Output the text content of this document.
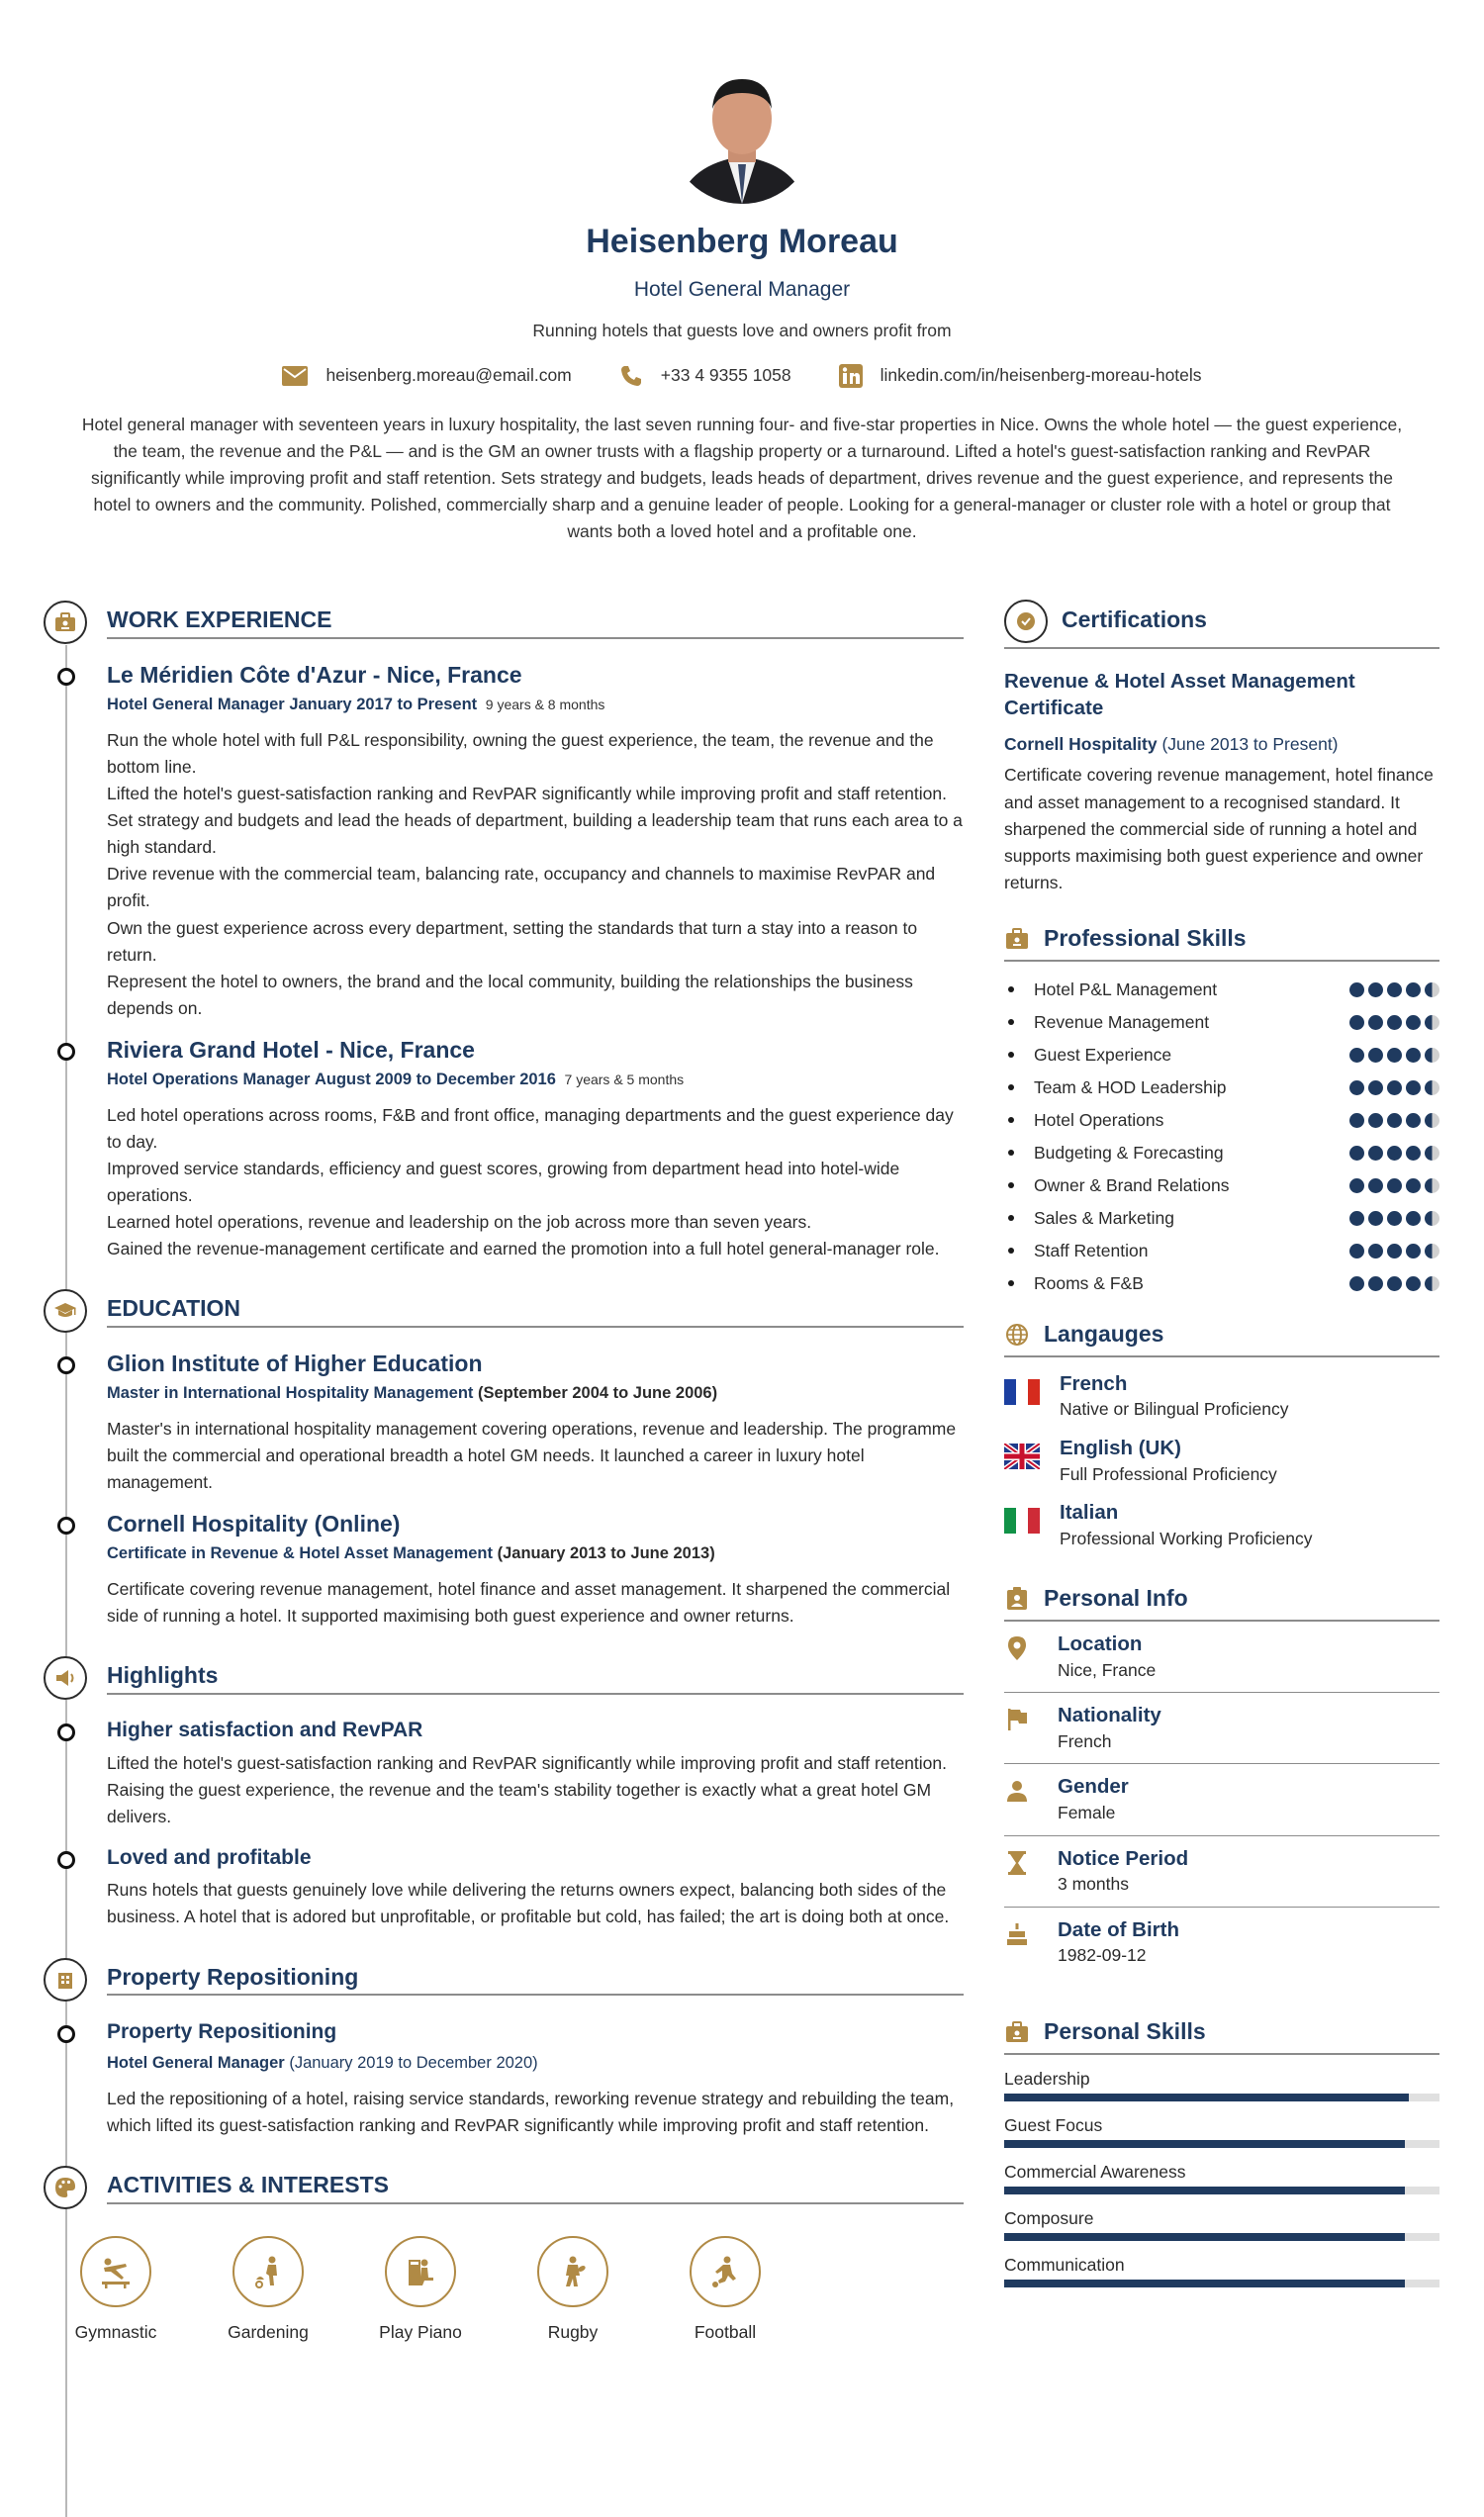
Heisenberg Moreau
Hotel General Manager
Running hotels that guests love and owners profit from
heisenberg.moreau@email.com	+33 4 9355 1058	linkedin.com/in/heisenberg-moreau-hotels
Hotel general manager with seventeen years in luxury hospitality, the last seven running four- and five-star properties in Nice. Owns the whole hotel — the guest experience, the team, the revenue and the P&L — and is the GM an owner trusts with a flagship property or a turnaround. Lifted a hotel's guest-satisfaction ranking and RevPAR significantly while improving profit and staff retention. Sets strategy and budgets, leads heads of department, drives revenue and the guest experience, and represents the hotel to owners and the community. Polished, commercially sharp and a genuine leader of people. Looking for a general-manager or cluster role with a hotel or group that wants both a loved hotel and a profitable one.
WORK EXPERIENCE
Le Méridien Côte d'Azur - Nice, France
Hotel General Manager January 2017 to Present 9 years & 8 months

Run the whole hotel with full P&L responsibility, owning the guest experience, the team, the revenue and the bottom line.

Lifted the hotel's guest-satisfaction ranking and RevPAR significantly while improving profit and staff retention.

Set strategy and budgets and lead the heads of department, building a leadership team that runs each area to a high standard.

Drive revenue with the commercial team, balancing rate, occupancy and channels to maximise RevPAR and profit.

Own the guest experience across every department, setting the standards that turn a stay into a reason to return.

Represent the hotel to owners, the brand and the local community, building the relationships the business depends on.

Riviera Grand Hotel - Nice, France
Hotel Operations Manager August 2009 to December 2016 7 years & 5 months

Led hotel operations across rooms, F&B and front office, managing departments and the guest experience day to day.

Improved service standards, efficiency and guest scores, growing from department head into hotel-wide operations.

Learned hotel operations, revenue and leadership on the job across more than seven years.

Gained the revenue-management certificate and earned the promotion into a full hotel general-manager role.

EDUCATION
Glion Institute of Higher Education
Master in International Hospitality Management (September 2004 to June 2006)
Master's in international hospitality management covering operations, revenue and leadership. The programme built the commercial and operational breadth a hotel GM needs. It launched a career in luxury hotel management.
Cornell Hospitality (Online)
Certificate in Revenue & Hotel Asset Management (January 2013 to June 2013)
Certificate covering revenue management, hotel finance and asset management. It sharpened the commercial side of running a hotel. It supported maximising both guest experience and owner returns.
Highlights
Higher satisfaction and RevPAR
Lifted the hotel's guest-satisfaction ranking and RevPAR significantly while improving profit and staff retention. Raising the guest experience, the revenue and the team's stability together is exactly what a great hotel GM delivers.
Loved and profitable
Runs hotels that guests genuinely love while delivering the returns owners expect, balancing both sides of the business. A hotel that is adored but unprofitable, or profitable but cold, has failed; the art is doing both at once.
Property Repositioning
Property Repositioning
Hotel General Manager (January 2019 to December 2020)
Led the repositioning of a hotel, raising service standards, reworking revenue strategy and rebuilding the team, which lifted its guest-satisfaction ranking and RevPAR significantly while improving profit and staff retention.
ACTIVITIES & INTERESTS
Gymnastic	Gardening	Play Piano	Rugby	Football
Certifications
Revenue & Hotel Asset Management Certificate
Cornell Hospitality (June 2013 to Present)
Certificate covering revenue management, hotel finance and asset management to a recognised standard. It sharpened the commercial side of running a hotel and supports maximising both guest experience and owner returns.
Professional Skills
Hotel P&L Management
Revenue Management
Guest Experience
Team & HOD Leadership
Hotel Operations
Budgeting & Forecasting
Owner & Brand Relations
Sales & Marketing
Staff Retention
Rooms & F&B
Langauges
French
Native or Bilingual Proficiency
English (UK)
Full Professional Proficiency
Italian
Professional Working Proficiency
Personal Info
Location
Nice, France
Nationality
French
Gender
Female
Notice Period
3 months
Date of Birth
1982-09-12
Personal Skills
Leadership
Guest Focus
Commercial Awareness
Composure
Communication
